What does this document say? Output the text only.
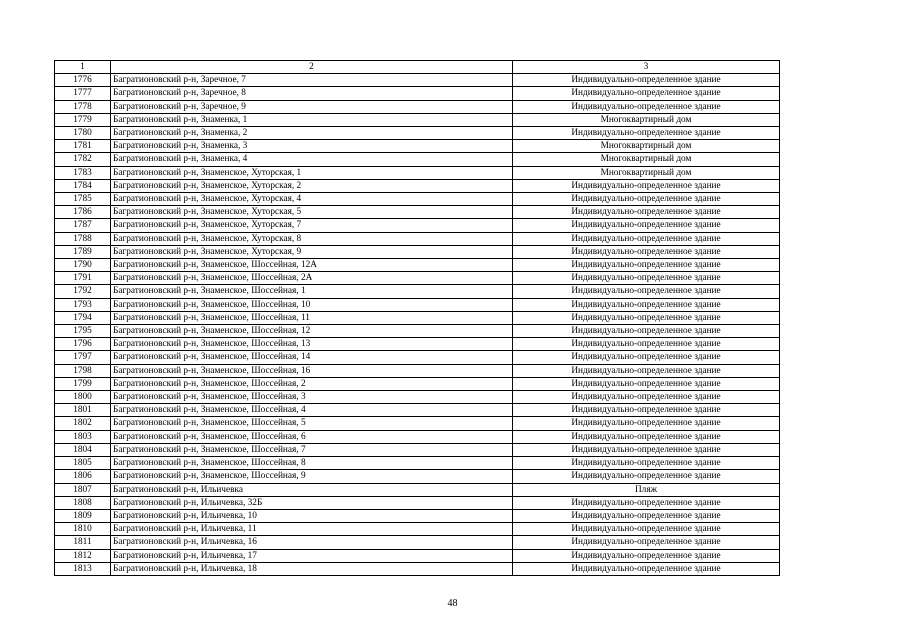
1	2	3
1776	Багратионовский р-н, Заречное, 7	Индивидуально-определенное здание
1777	Багратионовский р-н, Заречное, 8	Индивидуально-определенное здание
1778	Багратионовский р-н, Заречное, 9	Индивидуально-определенное здание
1779	Багратионовский р-н, Знаменка, 1	Многоквартирный дом
1780	Багратионовский р-н, Знаменка, 2	Индивидуально-определенное здание
1781	Багратионовский р-н, Знаменка, 3	Многоквартирный дом
1782	Багратионовский р-н, Знаменка, 4	Многоквартирный дом
1783	Багратионовский р-н, Знаменское, Хуторская, 1	Многоквартирный дом
1784	Багратионовский р-н, Знаменское, Хуторская, 2	Индивидуально-определенное здание
1785	Багратионовский р-н, Знаменское, Хуторская, 4	Индивидуально-определенное здание
1786	Багратионовский р-н, Знаменское, Хуторская, 5	Индивидуально-определенное здание
1787	Багратионовский р-н, Знаменское, Хуторская, 7	Индивидуально-определенное здание
1788	Багратионовский р-н, Знаменское, Хуторская, 8	Индивидуально-определенное здание
1789	Багратионовский р-н, Знаменское, Хуторская, 9	Индивидуально-определенное здание
1790	Багратионовский р-н, Знаменское, Шоссейная, 12А	Индивидуально-определенное здание
1791	Багратионовский р-н, Знаменское, Шоссейная, 2А	Индивидуально-определенное здание
1792	Багратионовский р-н, Знаменское, Шоссейная, 1	Индивидуально-определенное здание
1793	Багратионовский р-н, Знаменское, Шоссейная, 10	Индивидуально-определенное здание
1794	Багратионовский р-н, Знаменское, Шоссейная, 11	Индивидуально-определенное здание
1795	Багратионовский р-н, Знаменское, Шоссейная, 12	Индивидуально-определенное здание
1796	Багратионовский р-н, Знаменское, Шоссейная, 13	Индивидуально-определенное здание
1797	Багратионовский р-н, Знаменское, Шоссейная, 14	Индивидуально-определенное здание
1798	Багратионовский р-н, Знаменское, Шоссейная, 16	Индивидуально-определенное здание
1799	Багратионовский р-н, Знаменское, Шоссейная, 2	Индивидуально-определенное здание
1800	Багратионовский р-н, Знаменское, Шоссейная, 3	Индивидуально-определенное здание
1801	Багратионовский р-н, Знаменское, Шоссейная, 4	Индивидуально-определенное здание
1802	Багратионовский р-н, Знаменское, Шоссейная, 5	Индивидуально-определенное здание
1803	Багратионовский р-н, Знаменское, Шоссейная, 6	Индивидуально-определенное здание
1804	Багратионовский р-н, Знаменское, Шоссейная, 7	Индивидуально-определенное здание
1805	Багратионовский р-н, Знаменское, Шоссейная, 8	Индивидуально-определенное здание
1806	Багратионовский р-н, Знаменское, Шоссейная, 9	Индивидуально-определенное здание
1807	Багратионовский р-н, Ильичевка	Пляж
1808	Багратионовский р-н, Ильичевка, 32Б	Индивидуально-определенное здание
1809	Багратионовский р-н, Ильичевка, 10	Индивидуально-определенное здание
1810	Багратионовский р-н, Ильичевка, 11	Индивидуально-определенное здание
1811	Багратионовский р-н, Ильичевка, 16	Индивидуально-определенное здание
1812	Багратионовский р-н, Ильичевка, 17	Индивидуально-определенное здание
1813	Багратионовский р-н, Ильичевка, 18	Индивидуально-определенное здание
48
